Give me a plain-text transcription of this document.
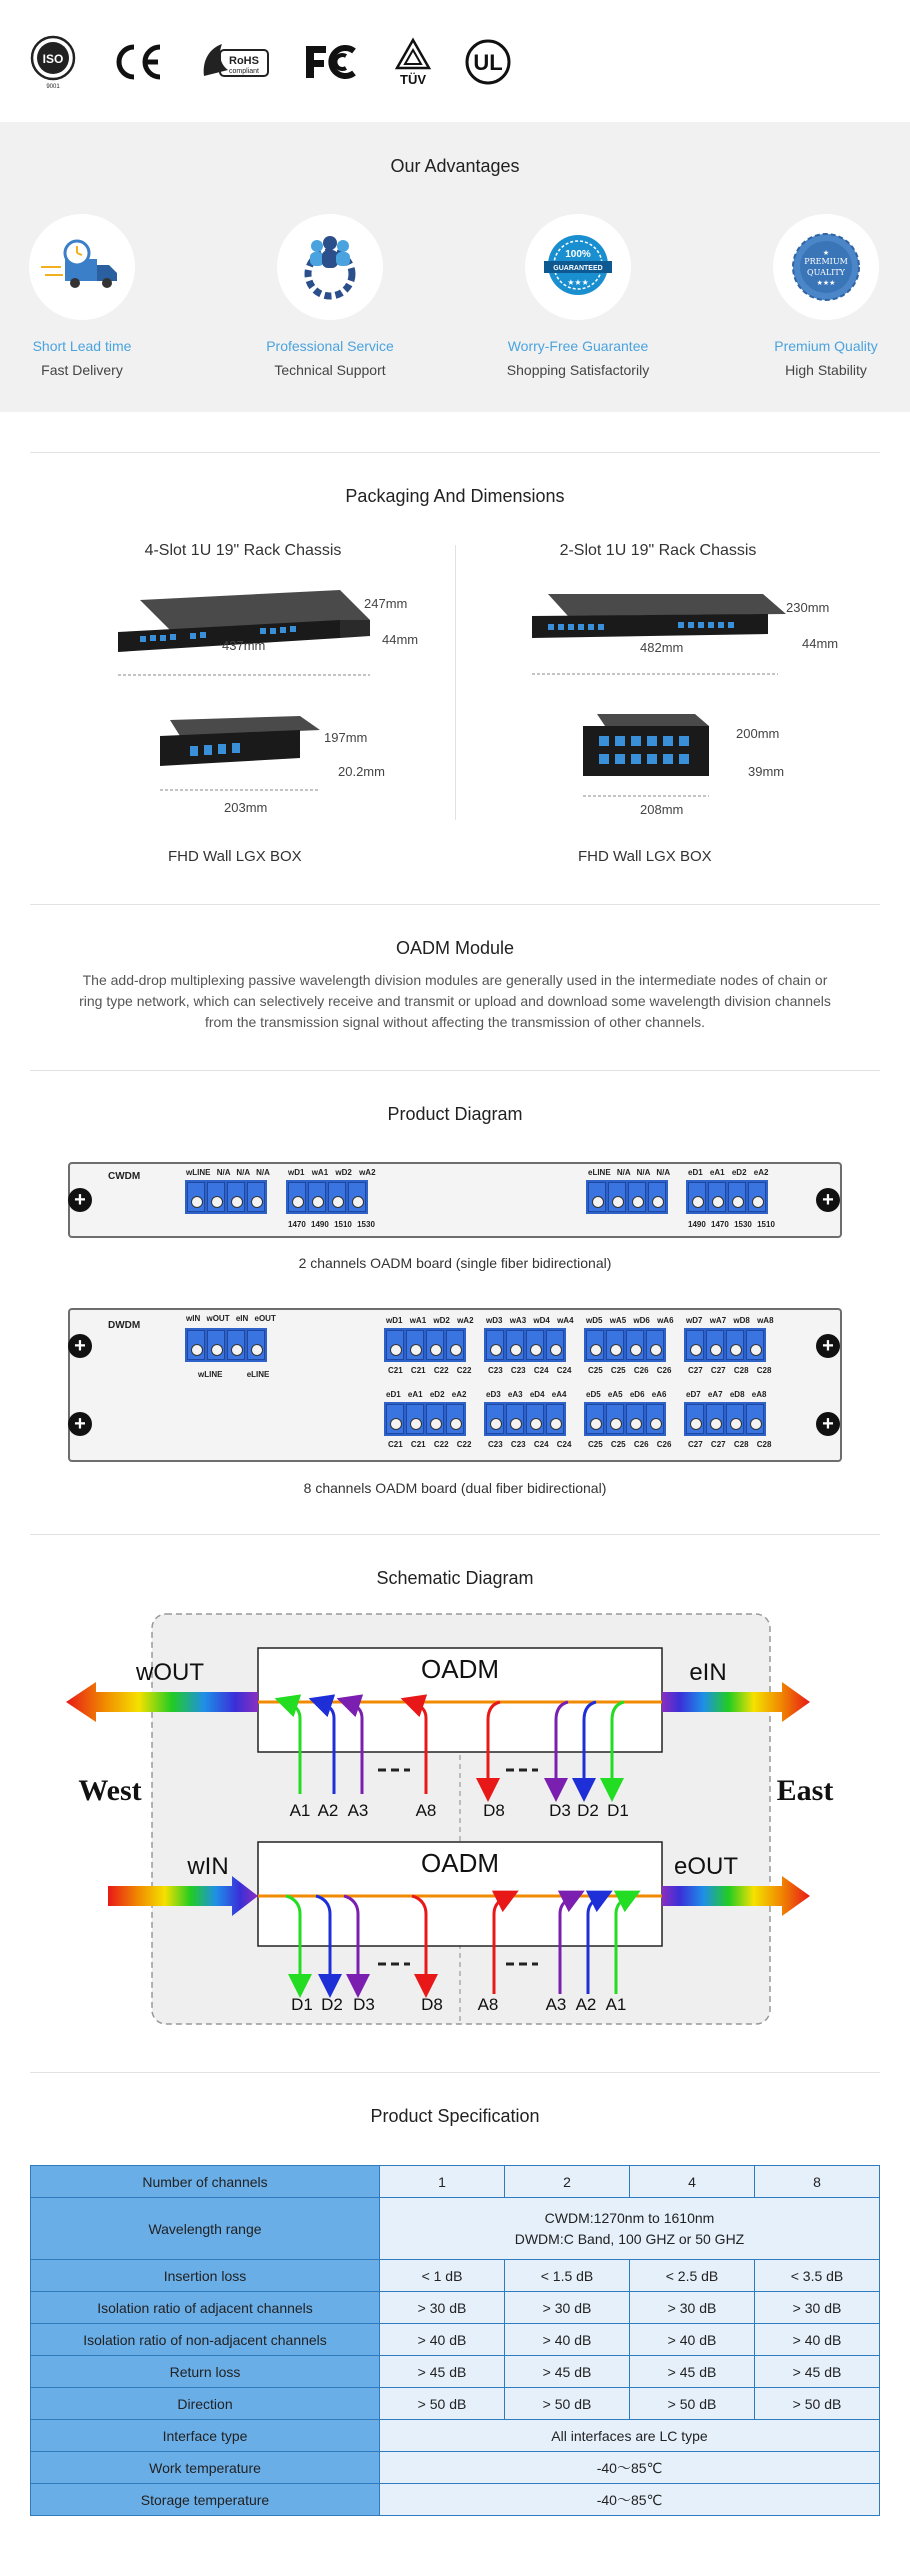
ISO
9001
RoHS
compliant
TÜV
UL
Our Advantages
Short Lead time
Fast Delivery
Professional Service
Technical Support
100%
GUARANTEED
★★★
Worry-Free Guarantee
Shopping Satisfactorily
PREMIUM
QUALITY
★
★★★
Premium Quality
High Stability
Packaging And Dimensions
4-Slot 1U 19" Rack Chassis	2-Slot 1U 19" Rack Chassis
247mm
44mm
437mm
197mm
20.2mm
203mm
FHD Wall LGX BOX
230mm
44mm
482mm
200mm
39mm
208mm
FHD Wall LGX BOX
OADM Module
The add-drop multiplexing passive wavelength division modules are generally used in the intermediate nodes of chain or ring type network, which can selectively receive and transmit or upload and download some wavelength division channels from the transmission signal without affecting the transmission of other channels.
Product Diagram
CWDM
+	+
wLINE N/A N/A N/A wD1 wA1 wD2 wA2
1470 1490 1510 1530
eLINE N/A N/A N/A eD1 eA1 eD2 eA2
1490 1470 1530 1510
2 channels OADM board (single fiber bidirectional)
DWDM
+
+
+
+
wIN wOUT eIN eOUT
wLINE	eLINE
wD1 wA1 wD2 wA2
C21 C21 C22 C22
wD3 wA3 wD4 wA4
C23 C23 C24 C24
wD5 wA5 wD6 wA6
C25 C25 C26 C26
wD7 wA7 wD8 wA8
C27 C27 C28 C28
eD1 eA1 eD2 eA2
C21 C21 C22 C22
eD3 eA3 eD4 eA4
C23 C23 C24 C24
eD5 eA5 eD6 eA6
C25 C25 C26 C26
eD7 eA7 eD8 eA8
C27 C27 C28 C28
8 channels OADM board (dual fiber bidirectional)
Schematic Diagram
OADM
wOUT	eIN
A1 A2 A3	A8	D8	D3 D2 D1
West	East
OADM
wIN	eOUT
D1 D2 D3	D8 A8	A3 A2 A1
Product Specification
Number of channels	1	2	4	8
Wavelength range	CWDM:1270nm to 1610nm
DWDM:C Band, 100 GHZ or 50 GHZ			

Insertion loss	< 1 dB	< 1.5 dB	< 2.5 dB	< 3.5 dB
Isolation ratio of adjacent channels	> 30 dB	> 30 dB	> 30 dB	> 30 dB
Isolation ratio of non-adjacent channels	> 40 dB	> 40 dB	> 40 dB	> 40 dB
Return loss	> 45 dB	> 45 dB	> 45 dB	> 45 dB
Direction	> 50 dB	> 50 dB	> 50 dB	> 50 dB
Interface type	All interfaces are LC type			

Work temperature	-40～85℃			

Storage temperature	-40～85℃			
